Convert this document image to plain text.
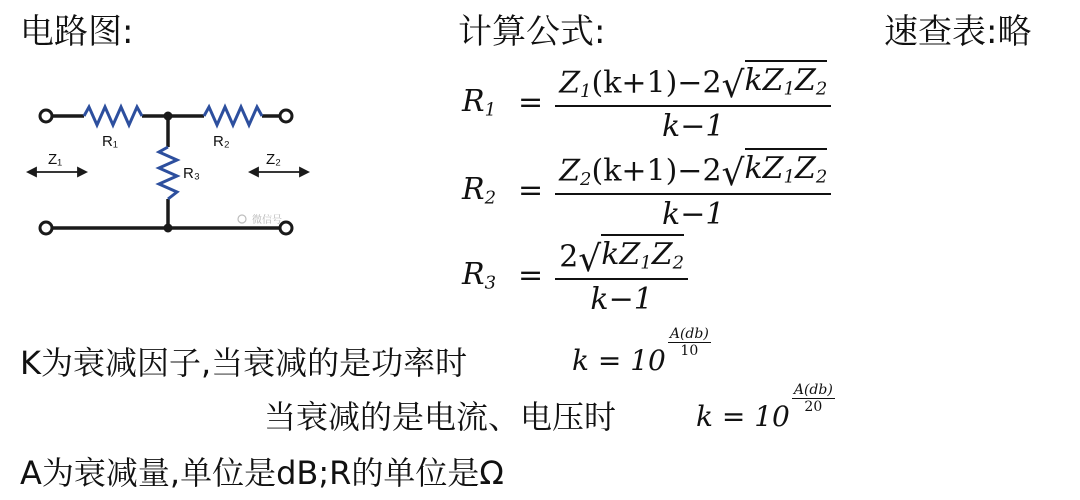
电路图:	计算公式:	速查表:略
R₁	R₂
R₃
Z₁	Z₂
微信号
$R_1 = \frac{Z_1(k+1)-2 √ kZ_1Z_2}{k-1}$
$R_2 = \frac{Z_2(k+1)-2 √ kZ_1Z_2}{k-1}$
$R_3 = \frac{2 √ kZ_1Z_2}{k-1}$
K为衰减因子,当衰减的是功率时	k = 10
A(db)
10
当衰减的是电流、电压时	k = 10
A(db)
20
A为衰减量,单位是dB;R的单位是Ω
